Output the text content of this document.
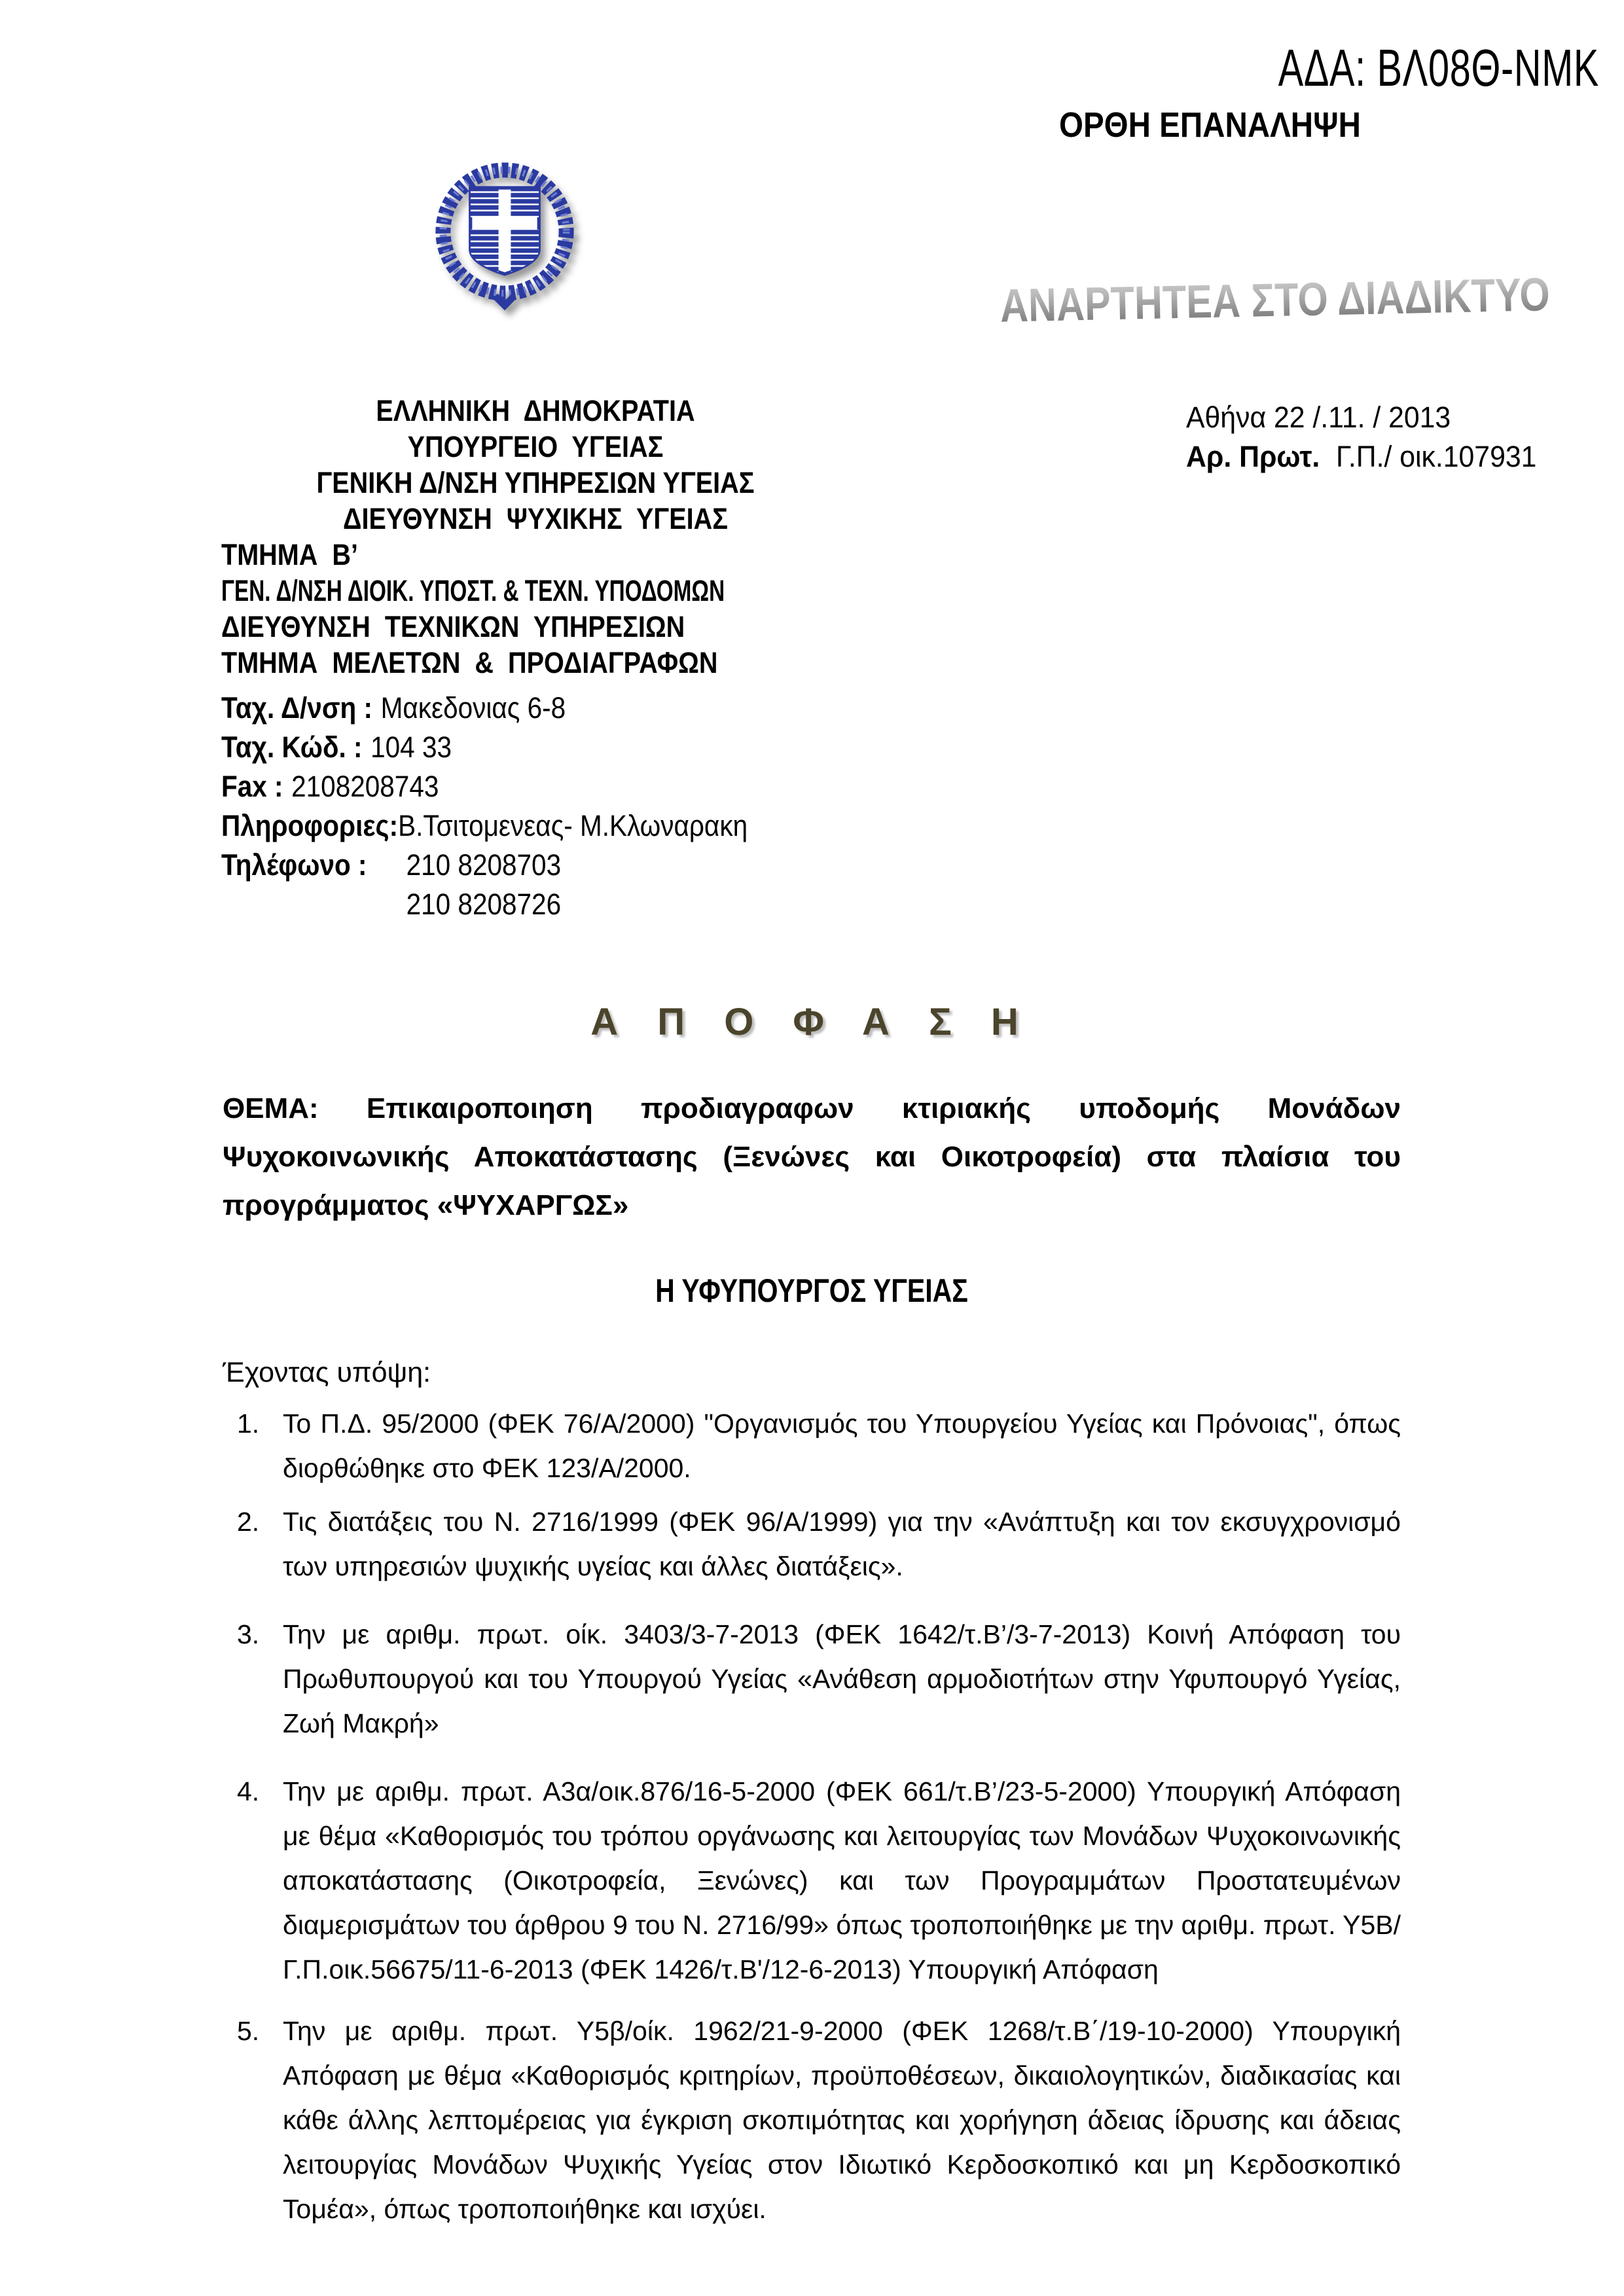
ΑΔΑ: ΒΛ08Θ-ΝΜΚ
ΟΡΘΗ ΕΠΑΝΑΛΗΨΗ
ΑΝΑΡΤΗΤΕΑ ΣΤΟ ΔΙΑΔΙΚΤΥΟ
ΕΛΛΗΝΙΚΗ  ΔΗΜΟΚΡΑΤΙΑ
ΥΠΟΥΡΓΕΙΟ  ΥΓΕΙΑΣ
ΓΕΝΙΚΗ Δ/ΝΣΗ ΥΠΗΡΕΣΙΩΝ ΥΓΕΙΑΣ
ΔΙΕΥΘΥΝΣΗ  ΨΥΧΙΚΗΣ  ΥΓΕΙΑΣ
ΤΜΗΜΑ  Β’
ΓΕΝ. Δ/ΝΣΗ ΔΙΟΙΚ. ΥΠΟΣΤ. & ΤΕΧΝ. ΥΠΟΔΟΜΩΝ
ΔΙΕΥΘΥΝΣΗ  ΤΕΧΝΙΚΩΝ  ΥΠΗΡΕΣΙΩΝ
ΤΜΗΜΑ  ΜΕΛΕΤΩΝ  &  ΠΡΟΔΙΑΓΡΑΦΩΝ
Ταχ. Δ/νση : Μακεδονιας 6-8
Ταχ. Κώδ. : 104 33
Fax : 2108208743
Πληροφοριες:Β.Τσιτομενεας- Μ.Κλωναρακη
Τηλέφωνο : 210 8208703
210 8208726
Αθήνα 22 /.11. / 2013
Αρ. Πρωτ. Γ.Π./ οικ.107931
Α Π Ο Φ Α Σ Η

ΘΕΜΑ: Επικαιροποιηση προδιαγραφων κτιριακής υποδομής Μονάδων Ψυχοκοινωνικής Αποκατάστασης (Ξενώνες και Οικοτροφεία) στα πλαίσια του προγράμματος «ΨΥΧΑΡΓΩΣ»

Η ΥΦΥΠΟΥΡΓΟΣ ΥΓΕΙΑΣ
Έχοντας υπόψη:
1. Το Π.Δ. 95/2000 (ΦΕΚ 76/Α/2000) "Οργανισμός του Υπουργείου Υγείας και Πρόνοιας", όπως διορθώθηκε στο ΦΕΚ 123/Α/2000.
2. Τις διατάξεις του Ν. 2716/1999 (ΦΕΚ 96/Α/1999) για την «Ανάπτυξη και τον εκσυγχρονισμό των υπηρεσιών ψυχικής υγείας και άλλες διατάξεις».
3. Την με αριθμ. πρωτ. οίκ. 3403/3-7-2013 (ΦΕΚ 1642/τ.Β’/3-7-2013) Κοινή Απόφαση του Πρωθυπουργού και του Υπουργού Υγείας «Ανάθεση αρμοδιοτήτων στην Υφυπουργό Υγείας, Ζωή Μακρή»
4. Την με αριθμ. πρωτ. Α3α/οικ.876/16-5-2000 (ΦΕΚ 661/τ.Β’/23-5-2000) Υπουργική Απόφαση με θέμα «Καθορισμός του τρόπου οργάνωσης και λειτουργίας των Μονάδων Ψυχοκοινωνικής αποκατάστασης (Οικοτροφεία, Ξενώνες) και των Προγραμμάτων Προστατευμένων διαμερισμάτων του άρθρου 9 του Ν. 2716/99» όπως τροποποιήθηκε με την αριθμ. πρωτ. Υ5Β/Γ.Π.οικ.56675/11-6-2013 (ΦΕΚ 1426/τ.Β'/12-6-2013) Υπουργική Απόφαση
5. Την με αριθμ. πρωτ. Υ5β/οίκ. 1962/21-9-2000 (ΦΕΚ 1268/τ.Β΄/19-10-2000) Υπουργική Απόφαση με θέμα «Καθορισμός κριτηρίων, προϋποθέσεων, δικαιολογητικών, διαδικασίας και κάθε άλλης λεπτομέρειας για έγκριση σκοπιμότητας και χορήγηση άδειας ίδρυσης και άδειας λειτουργίας Μονάδων Ψυχικής Υγείας στον Ιδιωτικό Κερδοσκοπικό και μη Κερδοσκοπικό Τομέα», όπως τροποποιήθηκε και ισχύει.
